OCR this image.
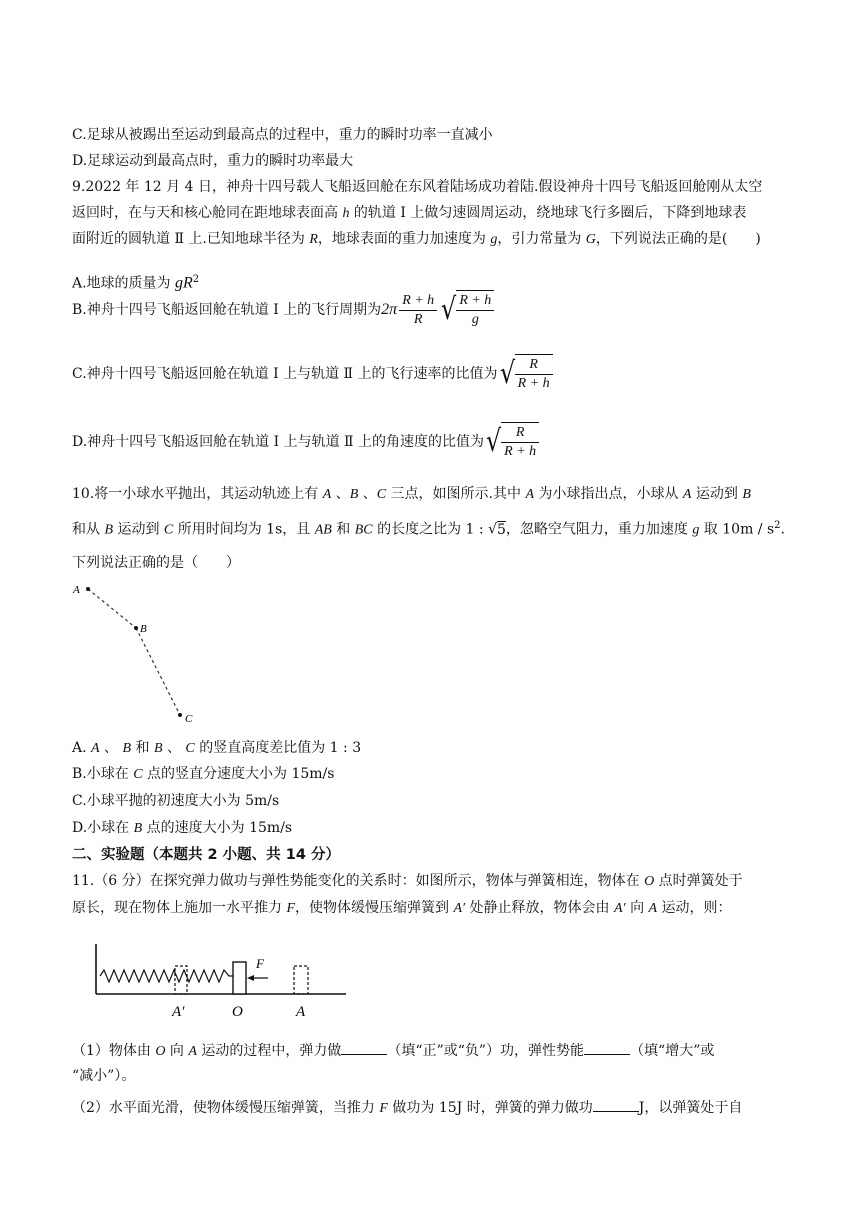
C.足球从被踢出至运动到最高点的过程中，重力的瞬时功率一直减小
D.足球运动到最高点时，重力的瞬时功率最大
9.2022 年 12 月 4 日，神舟十四号载人飞船返回舱在东风着陆场成功着陆.假设神舟十四号飞船返回舱刚从太空
返回时，在与天和核心舱同在距地球表面高 h 的轨道 Ⅰ 上做匀速圆周运动，绕地球飞行多圈后，下降到地球表
面附近的圆轨道 Ⅱ 上.已知地球半径为 R，地球表面的重力加速度为 g，引力常量为 G，下列说法正确的是(　　)
A.地球的质量为 $gR^2$
B.神舟十四号飞船返回舱在轨道 Ⅰ 上的飞行周期为 $2\pi \frac{R + h}{R}$ √ $\frac{R + h}{g}$
C.神舟十四号飞船返回舱在轨道 Ⅰ 上与轨道 Ⅱ 上的飞行速率的比值为 √ $\frac{R}{R + h}$
D.神舟十四号飞船返回舱在轨道 Ⅰ 上与轨道 Ⅱ 上的角速度的比值为 √ $\frac{R}{R + h}$
10.将一小球水平抛出，其运动轨迹上有 A 、B 、C 三点，如图所示.其中 A 为小球指出点，小球从 A 运动到 B
和从 B 运动到 C 所用时间均为 1s，且 AB 和 BC 的长度之比为 1 : √5，忽略空气阻力，重力加速度 g 取 $10m / s^2$.
下列说法正确的是（　　）
A
B
C
A. A 、 B 和 B 、 C 的竖直高度差比值为 1 : 3
B.小球在 C 点的竖直分速度大小为 15m/s
C.小球平抛的初速度大小为 5m/s
D.小球在 B 点的速度大小为 15m/s
二、实验题（本题共 2 小题、共 14 分）
11.（6 分）在探究弹力做功与弹性势能变化的关系时：如图所示，物体与弹簧相连，物体在 O 点时弹簧处于
原长，现在物体上施加一水平推力 F，使物体缓慢压缩弹簧到 A′ 处静止释放，物体会由 A′ 向 A 运动，则：
F
A′	O	A
（1）物体由 O 向 A 运动的过程中，弹力做	（填“正”或“负”）功，弹性势能	（填“增大”或
“减小”）。
（2）水平面光滑，使物体缓慢压缩弹簧，当推力 F 做功为 15J 时，弹簧的弹力做功	J，以弹簧处于自
